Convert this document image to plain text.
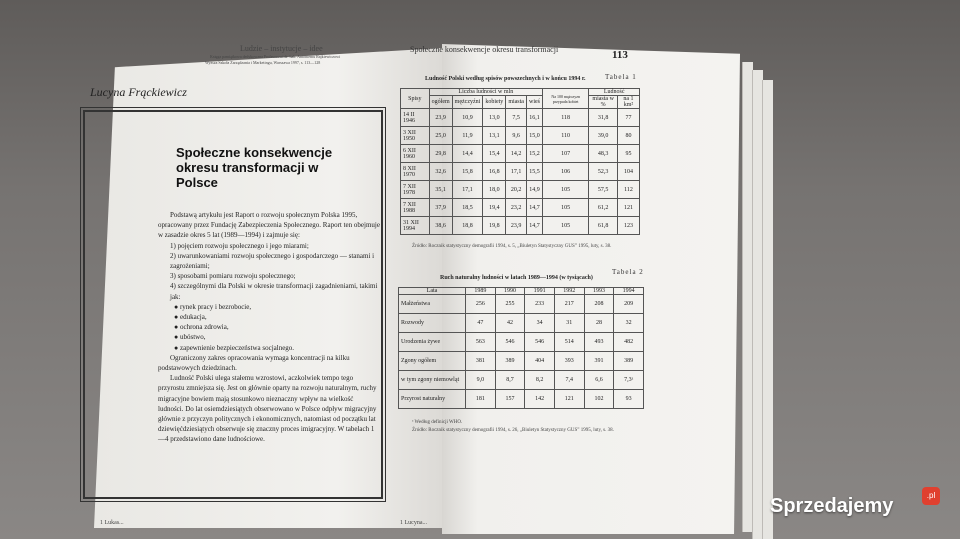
Ludzie – instytucje – idee
Księga pamiątkowa dedykowana Profesorowi dr. hab. Antoniemu Rajkiewiczowi
Wyższa Szkoła Zarządzania i Marketingu, Warszawa 1997, s. 113—128
Lucyna Frąckiewicz
Społeczne konsekwencje okresu transformacji w Polsce

Podstawą artykułu jest Raport o rozwoju społecznym Polska 1995, opracowany przez Fundację Zabezpieczenia Społecznego. Raport ten obejmuje w zasadzie okres 5 lat (1989—1994) i zajmuje się:

1) pojęciem rozwoju społecznego i jego miarami;

2) uwarunkowaniami rozwoju społecznego i gospodarczego — stanami i zagrożeniami;

3) sposobami pomiaru rozwoju społecznego;

4) szczególnymi dla Polski w okresie transformacji zagadnieniami, takimi jak:

● rynek pracy i bezrobocie,

● edukacja,

● ochrona zdrowia,

● ubóstwo,

● zapewnienie bezpieczeństwa socjalnego.

Ograniczony zakres opracowania wymaga koncentracji na kilku podstawowych dziedzinach.

Ludność Polski ulega stałemu wzrostowi, aczkolwiek tempo tego przyrostu zmniejsza się. Jest on głównie oparty na rozwoju naturalnym, ruchy migracyjne bowiem mają stosunkowo nieznaczny wpływ na wielkość ludności. Do lat osiemdziesiątych obserwowano w Polsce odpływ migracyjny głównie z przyczyn politycznych i ekonomicznych, natomiast od początku lat dziewięćdziesiątych obserwuje się znaczny proces imigracyjny. W tabelach 1—4 przedstawiono dane ludnościowe.

1 Lucyna...
Społeczne konsekwencje okresu transformacji	113
Tabela 1
Ludność Polski według spisów powszechnych i w końcu 1994 r.
Spisy	Liczba ludności w mln					Na 100 mężczyzn przypada kobiet	Ludność	
	ogółem	mężczyźni	kobiety	miasta	wieś		miasta w %	na 1 km²
14 II 1946	23,9	10,9	13,0	7,5	16,1	118	31,8	77
3 XII 1950	25,0	11,9	13,1	9,6	15,0	110	39,0	80
6 XII 1960	29,8	14,4	15,4	14,2	15,2	107	48,3	95
8 XII 1970	32,6	15,8	16,8	17,1	15,5	106	52,3	104
7 XII 1978	35,1	17,1	18,0	20,2	14,9	105	57,5	112
7 XII 1988	37,9	18,5	19,4	23,2	14,7	105	61,2	121
31 XII 1994	38,6	18,8	19,8	23,9	14,7	105	61,8	123
Źródło: Rocznik statystyczny demografii 1994, s. 5, „Biuletyn Statystyczny GUS” 1995, luty, s. 38.
Tabela 2
Ruch naturalny ludności w latach 1989—1994 (w tysiącach)
Lata	1989	1990	1991	1992	1993	1994
Małżeństwa	256	255	233	217	208	209
Rozwody	47	42	34	31	28	32
Urodzenia żywe	563	546	546	514	493	482
Zgony ogółem	381	389	404	393	391	389
w tym zgony niemowląt	9,0	8,7	8,2	7,4	6,6	7,3ᵃ
Przyrost naturalny	181	157	142	121	102	93
ᵃ Według definicji WHO.
Źródło: Rocznik statystyczny demografii 1994, s. 26, „Biuletyn Statystyczny GUS” 1995, luty, s. 38.
1 Lukas...
Sprzedajemy	.pl
